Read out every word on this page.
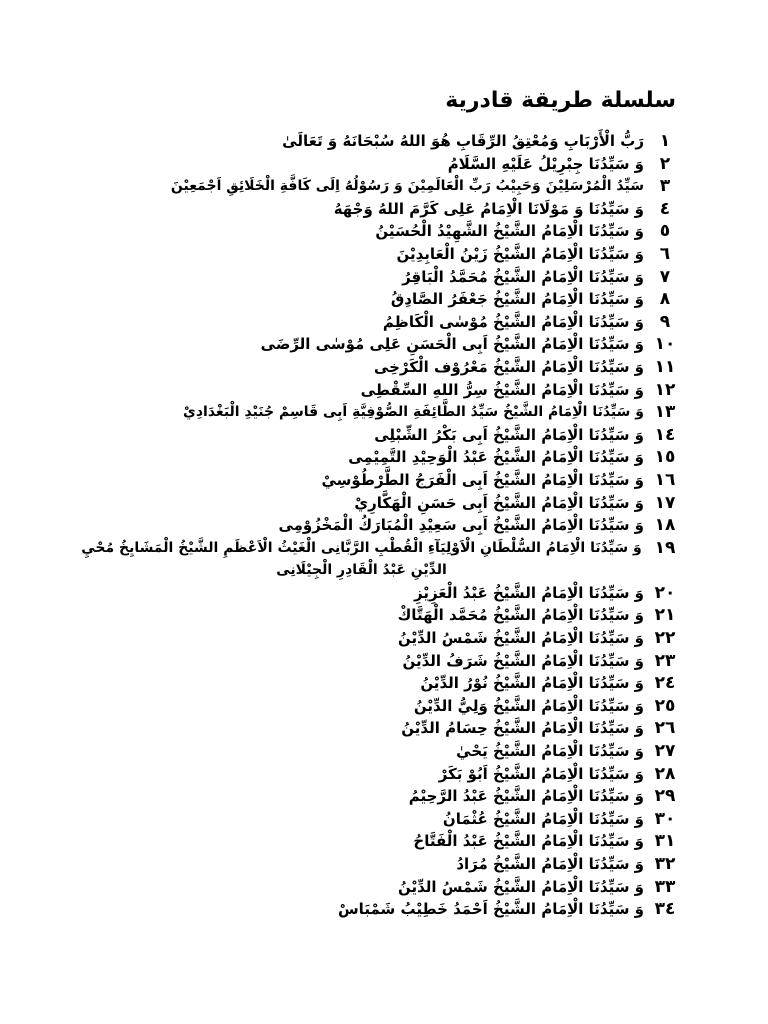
سلسلة طريقة قادرية
١
رَبُّ الْأَرْبَابِ وَمُعْتِقُ الرِّقَابِ هُوَ اللهُ سُبْحَانَهُ وَ تَعَالَىٰ
٢
وَ سَيِّدُنَا جِبْرِيْلُ عَلَيْهِ السَّلَامُ
٣
سَيِّدُ الْمُرْسَلِيْنَ وَحَبِيْبُ رَبِّ الْعَالَمِيْنَ وَ رَسُوْلُهُ اِلَى كَافَّةِ الْخَلَائِقِ اَجْمَعِيْنَ
٤
وَ سَيِّدُنَا وَ مَوْلَانَا الْاِمَامُ عَلِى كَرَّمَ اللهُ وَجْهَهُ
٥
وَ سَيِّدُنَا الْاِمَامُ الشَّيْخُ الشَّهِيْدُ الْحُسَيْنُ
٦
وَ سَيِّدُنَا الْاِمَامُ الشَّيْخُ زَيْنُ الْعَابِدِيْنَ
٧
وَ سَيِّدُنَا الْاِمَامُ الشَّيْخُ مُحَمَّدُ الْبَاقِرُ
٨
وَ سَيِّدُنَا الْاِمَامُ الشَّيْخُ جَعْفَرُ الصَّادِقُ
٩
وَ سَيِّدُنَا الْاِمَامُ الشَّيْخُ مُوْسٰى الْكَاظِمُ
١٠
وَ سَيِّدُنَا الْاِمَامُ الشَّيْخُ اَبِى الْحَسَنِ عَلِى مُوْسٰى الرِّضَى
١١
وَ سَيِّدُنَا الْاِمَامُ الشَّيْخُ مَعْرُوْف الْكَرْخِى
١٢
وَ سَيِّدُنَا الْاِمَامُ الشَّيْخُ سِرُّ اللهِ السِّقْطِى
١٣
وَ سَيِّدُنَا الْاِمَامُ الشَّيْخُ سَيِّدُ الطَّائِفَةِ الصُّوْفِيَّةِ اَبِى قَاسِمْ جُنَيْدِ الْبَغْدَادِيْ
١٤
وَ سَيِّدُنَا الْاِمَامُ الشَّيْخُ اَبِى بَكْرُ الشِّبْلِى
١٥
وَ سَيِّدُنَا الْاِمَامُ الشَّيْخُ عَبْدُ الْوَحِيْدِ التَّمِيْمِى
١٦
وَ سَيِّدُنَا الْاِمَامُ الشَّيْخُ اَبِى الْفَرَجُ الطَّرْطُوْسِيْ
١٧
وَ سَيِّدُنَا الْاِمَامُ الشَّيْخُ اَبِى حَسَنِ الْهَكَّارِيْ
١٨
وَ سَيِّدُنَا الْاِمَامُ الشَّيْخُ اَبِى سَعِيْدِ الْمُبَارَكُ الْمَخْزُوْمِى
١٩
وَ سَيِّدُنَا الْاِمَامُ السُّلْطَانِ الْاَوْلِيَآءِ الْقُطْبِ الرَّبَّانِى الْغَيْثُ الْاَعْظَمِ الشَّيْخُ الْمَشَايِخُ مُحْيِ الدِّيْنِ عَبْدُ الْقَادِرِ الْجِيْلَانِى
٢٠
وَ سَيِّدُنَا الْاِمَامُ الشَّيْخُ عَبْدُ الْعَزِيْزِ
٢١
وَ سَيِّدُنَا الْاِمَامُ الشَّيْخُ مُحَمَّد الْهَتَّاكْ
٢٢
وَ سَيِّدُنَا الْاِمَامُ الشَّيْخُ شَمْسُ الدِّيْنُ
٢٣
وَ سَيِّدُنَا الْاِمَامُ الشَّيْخُ شَرَفُ الدِّيْنُ
٢٤
وَ سَيِّدُنَا الْاِمَامُ الشَّيْخُ نُوْرُ الدِّيْنُ
٢٥
وَ سَيِّدُنَا الْاِمَامُ الشَّيْخُ وَلِيُّ الدِّيْنُ
٢٦
وَ سَيِّدُنَا الْاِمَامُ الشَّيْخُ حِسَامُ الدِّيْنُ
٢٧
وَ سَيِّدُنَا الْاِمَامُ الشَّيْخُ يَحْيٰ
٢٨
وَ سَيِّدُنَا الْاِمَامُ الشَّيْخُ اَبُوْ بَكَرْ
٢٩
وَ سَيِّدُنَا الْاِمَامُ الشَّيْخُ عَبْدُ الرَّحِيْمُ
٣٠
وَ سَيِّدُنَا الْاِمَامُ الشَّيْخُ عُثْمَانُ
٣١
وَ سَيِّدُنَا الْاِمَامُ الشَّيْخُ عَبْدُ الْفَتَّاحُ
٣٢
وَ سَيِّدُنَا الْاِمَامُ الشَّيْخُ مُرَادُ
٣٣
وَ سَيِّدُنَا الْاِمَامُ الشَّيْخُ شَمْسُ الدِّيْنُ
٣٤
وَ سَيِّدُنَا الْاِمَامُ الشَّيْخُ اَحْمَدُ خَطِيْبُ شَمْبَاسْ
